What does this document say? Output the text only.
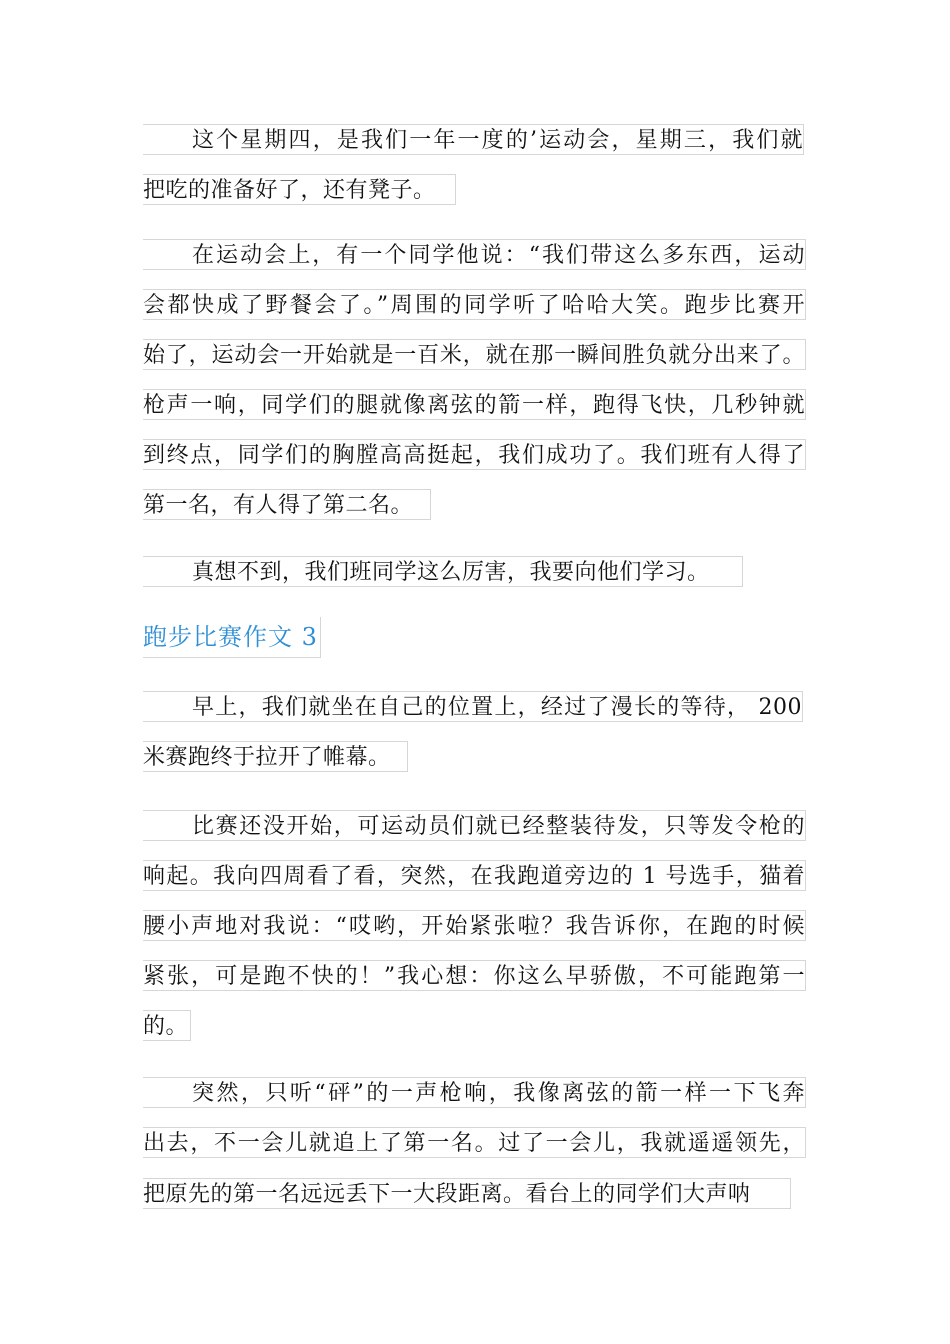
这个星期四，是我们一年一度的’运动会，星期三，我们就
把吃的准备好了，还有凳子。
在运动会上，有一个同学他说：“我们带这么多东西，运动
会都快成了野餐会了。”周围的同学听了哈哈大笑。跑步比赛开
始了，运动会一开始就是一百米，就在那一瞬间胜负就分出来了。
枪声一响，同学们的腿就像离弦的箭一样，跑得飞快，几秒钟就
到终点，同学们的胸膛高高挺起，我们成功了。我们班有人得了
第一名，有人得了第二名。
真想不到，我们班同学这么厉害，我要向他们学习。
跑步比赛作文 3
早上，我们就坐在自己的位置上，经过了漫长的等待， 200
米赛跑终于拉开了帷幕。
比赛还没开始，可运动员们就已经整装待发，只等发令枪的
响起。我向四周看了看，突然，在我跑道旁边的 1 号选手，猫着
腰小声地对我说：“哎哟，开始紧张啦？我告诉你，在跑的时候
紧张，可是跑不快的！”我心想：你这么早骄傲，不可能跑第一
的。
突然，只听“砰”的一声枪响，我像离弦的箭一样一下飞奔
出去，不一会儿就追上了第一名。过了一会儿，我就遥遥领先，
把原先的第一名远远丢下一大段距离。看台上的同学们大声呐
